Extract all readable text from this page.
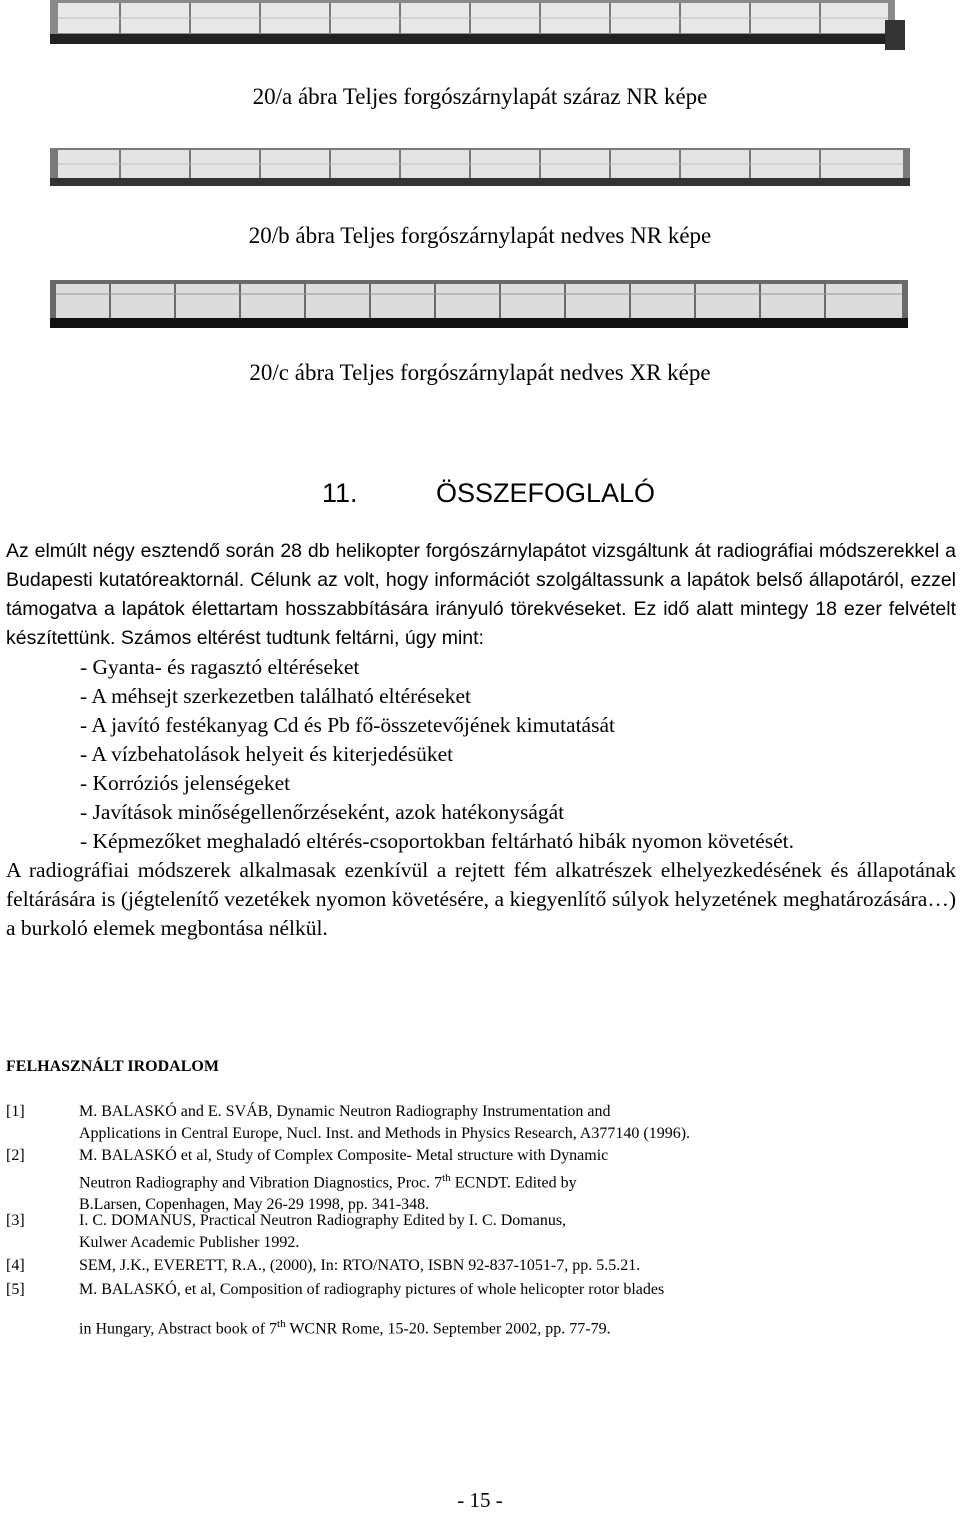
20/a ábra Teljes forgószárnylapát száraz NR képe

20/b ábra Teljes forgószárnylapát nedves NR képe

20/c ábra Teljes forgószárnylapát nedves XR képe

11.	ÖSSZEFOGLALÓ

Az elmúlt négy esztendő során 28 db helikopter forgószárnylapátot vizsgáltunk át radiográfiai módszerekkel a Budapesti kutatóreaktornál. Célunk az volt, hogy információt szolgáltassunk a lapátok belső állapotáról, ezzel támogatva a lapátok élettartam hosszabbítására irányuló törekvéseket. Ez idő alatt mintegy 18 ezer felvételt készítettünk. Számos eltérést tudtunk feltárni, úgy mint:

- Gyanta- és ragasztó eltéréseket
- A méhsejt szerkezetben található eltéréseket
- A javító festékanyag Cd és Pb fő-összetevőjének kimutatását
- A vízbehatolások helyeit és kiterjedésüket
- Korróziós jelenségeket
- Javítások minőségellenőrzéseként, azok hatékonyságát
- Képmezőket meghaladó eltérés-csoportokban feltárható hibák nyomon követését.

A radiográfiai módszerek alkalmasak ezenkívül a rejtett fém alkatrészek elhelyezkedésének és állapotának feltárására is (jégtelenítő vezetékek nyomon követésére, a kiegyenlítő súlyok helyzetének meghatározására…) a burkoló elemek megbontása nélkül.

FELHASZNÁLT IRODALOM
[1]	M. BALASKÓ and E. SVÁB, Dynamic Neutron Radiography Instrumentation and
Applications in Central Europe, Nucl. Inst. and Methods in Physics Research, A377140 (1996).
[2]	M. BALASKÓ et al, Study of Complex Composite- Metal structure with Dynamic
Neutron Radiography and Vibration Diagnostics, Proc. 7th ECNDT. Edited by
B.Larsen, Copenhagen, May 26-29 1998, pp. 341-348.
[3]	I. C. DOMANUS, Practical Neutron Radiography Edited by I. C. Domanus,
Kulwer Academic Publisher 1992.
[4]	SEM, J.K., EVERETT, R.A., (2000), In: RTO/NATO, ISBN 92-837-1051-7, pp. 5.5.21.
[5]	M. BALASKÓ, et al, Composition of radiography pictures of whole helicopter rotor blades
in Hungary, Abstract book of 7th WCNR Rome, 15-20. September 2002, pp. 77-79.
- 15 -
